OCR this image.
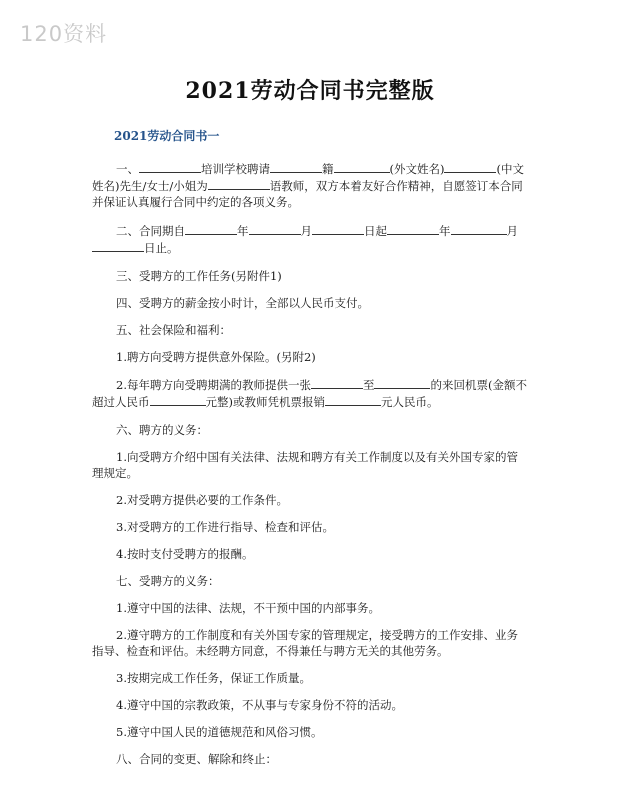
120资料
2021劳动合同书完整版
2021劳动合同书一

一、	培训学校聘请	籍	(外文姓名)	(中文姓名)先生/女士/小姐为	语教师，双方本着友好合作精神，自愿签订本合同并保证认真履行合同中约定的各项义务。

二、合同期自	年	月	日起	年	月日止。

三、受聘方的工作任务(另附件1)

四、受聘方的薪金按小时计，全部以人民币支付。

五、社会保险和福利：

1.聘方向受聘方提供意外保险。(另附2)

2.每年聘方向受聘期满的教师提供一张	至	的来回机票(金额不超过人民币	元整)或教师凭机票报销	元人民币。

六、聘方的义务：

1.向受聘方介绍中国有关法律、法规和聘方有关工作制度以及有关外国专家的管理规定。

2.对受聘方提供必要的工作条件。

3.对受聘方的工作进行指导、检查和评估。

4.按时支付受聘方的报酬。

七、受聘方的义务：

1.遵守中国的法律、法规，不干预中国的内部事务。

2.遵守聘方的工作制度和有关外国专家的管理规定，接受聘方的工作安排、业务指导、检查和评估。未经聘方同意，不得兼任与聘方无关的其他劳务。

3.按期完成工作任务，保证工作质量。

4.遵守中国的宗教政策，不从事与专家身份不符的活动。

5.遵守中国人民的道德规范和风俗习惯。

八、合同的变更、解除和终止：
